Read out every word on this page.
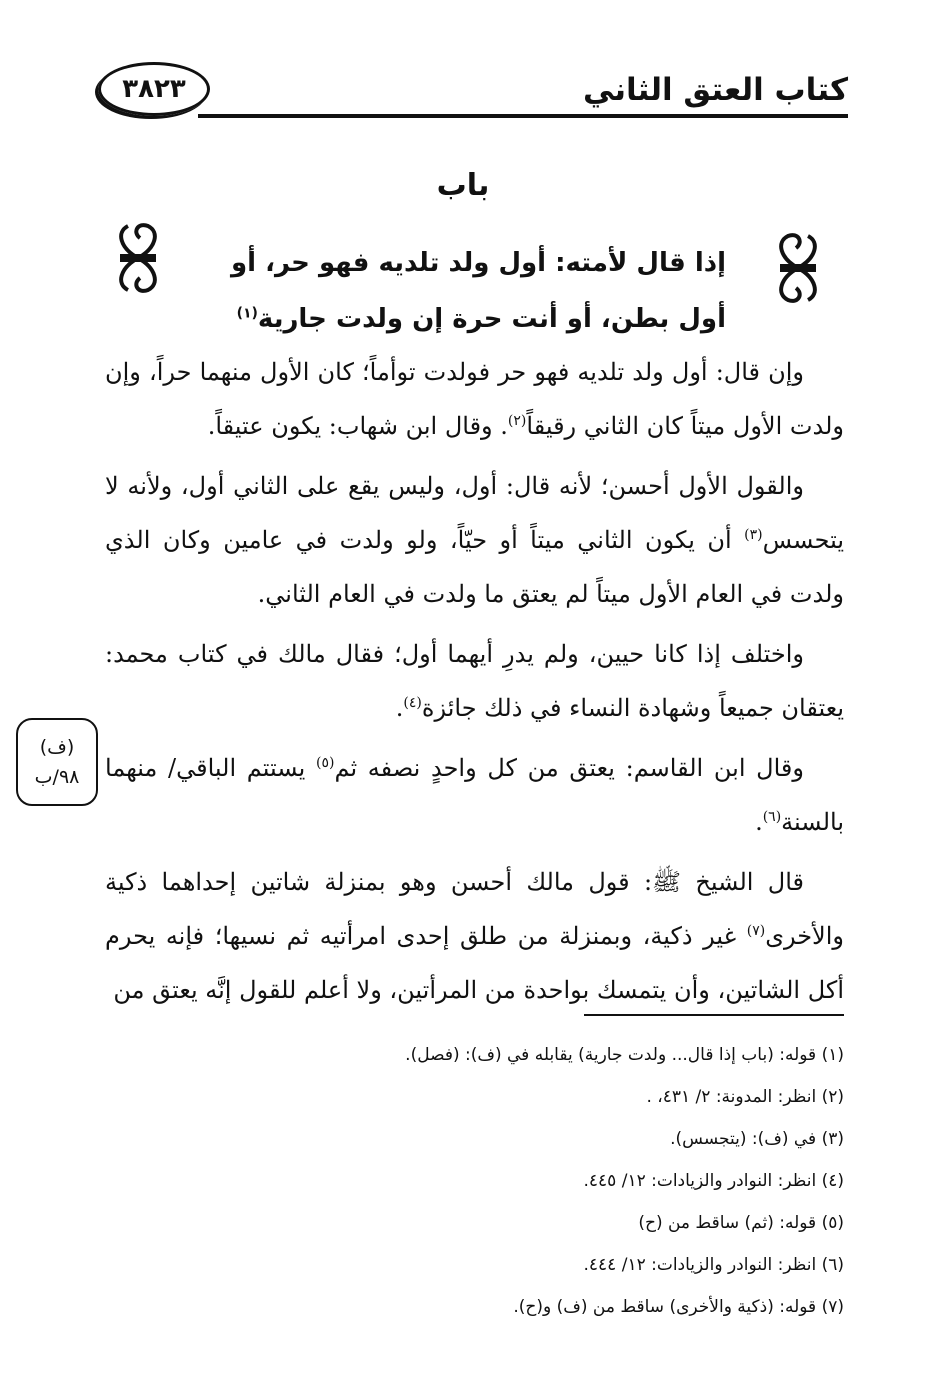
كتاب العتق الثاني
٣٨٢٣
باب
إذا قال لأمته: أول ولد تلديه فهو حر، أو أول بطن، أو أنت حرة إن ولدت جارية$^{(١)}$

وإن قال: أول ولد تلديه فهو حر فولدت توأماً؛ كان الأول منهما حراً، وإن ولدت الأول ميتاً كان الثاني رقيقاً$^{(٢)}$. وقال ابن شهاب: يكون عتيقاً.

والقول الأول أحسن؛ لأنه قال: أول، وليس يقع على الثاني أول، ولأنه لا يتحسس$^{(٣)}$ أن يكون الثاني ميتاً أو حيّاً، ولو ولدت في عامين وكان الذي ولدت في العام الأول ميتاً لم يعتق ما ولدت في العام الثاني.

واختلف إذا كانا حيين، ولم يدرِ أيهما أول؛ فقال مالك في كتاب محمد: يعتقان جميعاً وشهادة النساء في ذلك جائزة$^{(٤)}$.

وقال ابن القاسم: يعتق من كل واحدٍ نصفه ثم$^{(٥)}$ يستتم الباقي/ منهما بالسنة$^{(٦)}$.

قال الشيخ ﷺ: قول مالك أحسن وهو بمنزلة شاتين إحداهما ذكية والأخرى$^{(٧)}$ غير ذكية، وبمنزلة من طلق إحدى امرأتيه ثم نسيها؛ فإنه يحرم أكل الشاتين، وأن يتمسك بواحدة من المرأتين، ولا أعلم للقول إنَّه يعتق من

(ف)
٩٨/ب
(١) قوله: (باب إذا قال... ولدت جارية) يقابله في (ف): (فصل).
(٢) انظر: المدونة: ٢/ ٤٣١، .
(٣) في (ف): (يتجسس).
(٤) انظر: النوادر والزيادات: ١٢/ ٤٤٥.
(٥) قوله: (ثم) ساقط من (ح)
(٦) انظر: النوادر والزيادات: ١٢/ ٤٤٤.
(٧) قوله: (ذكية والأخرى) ساقط من (ف) و(ح).
